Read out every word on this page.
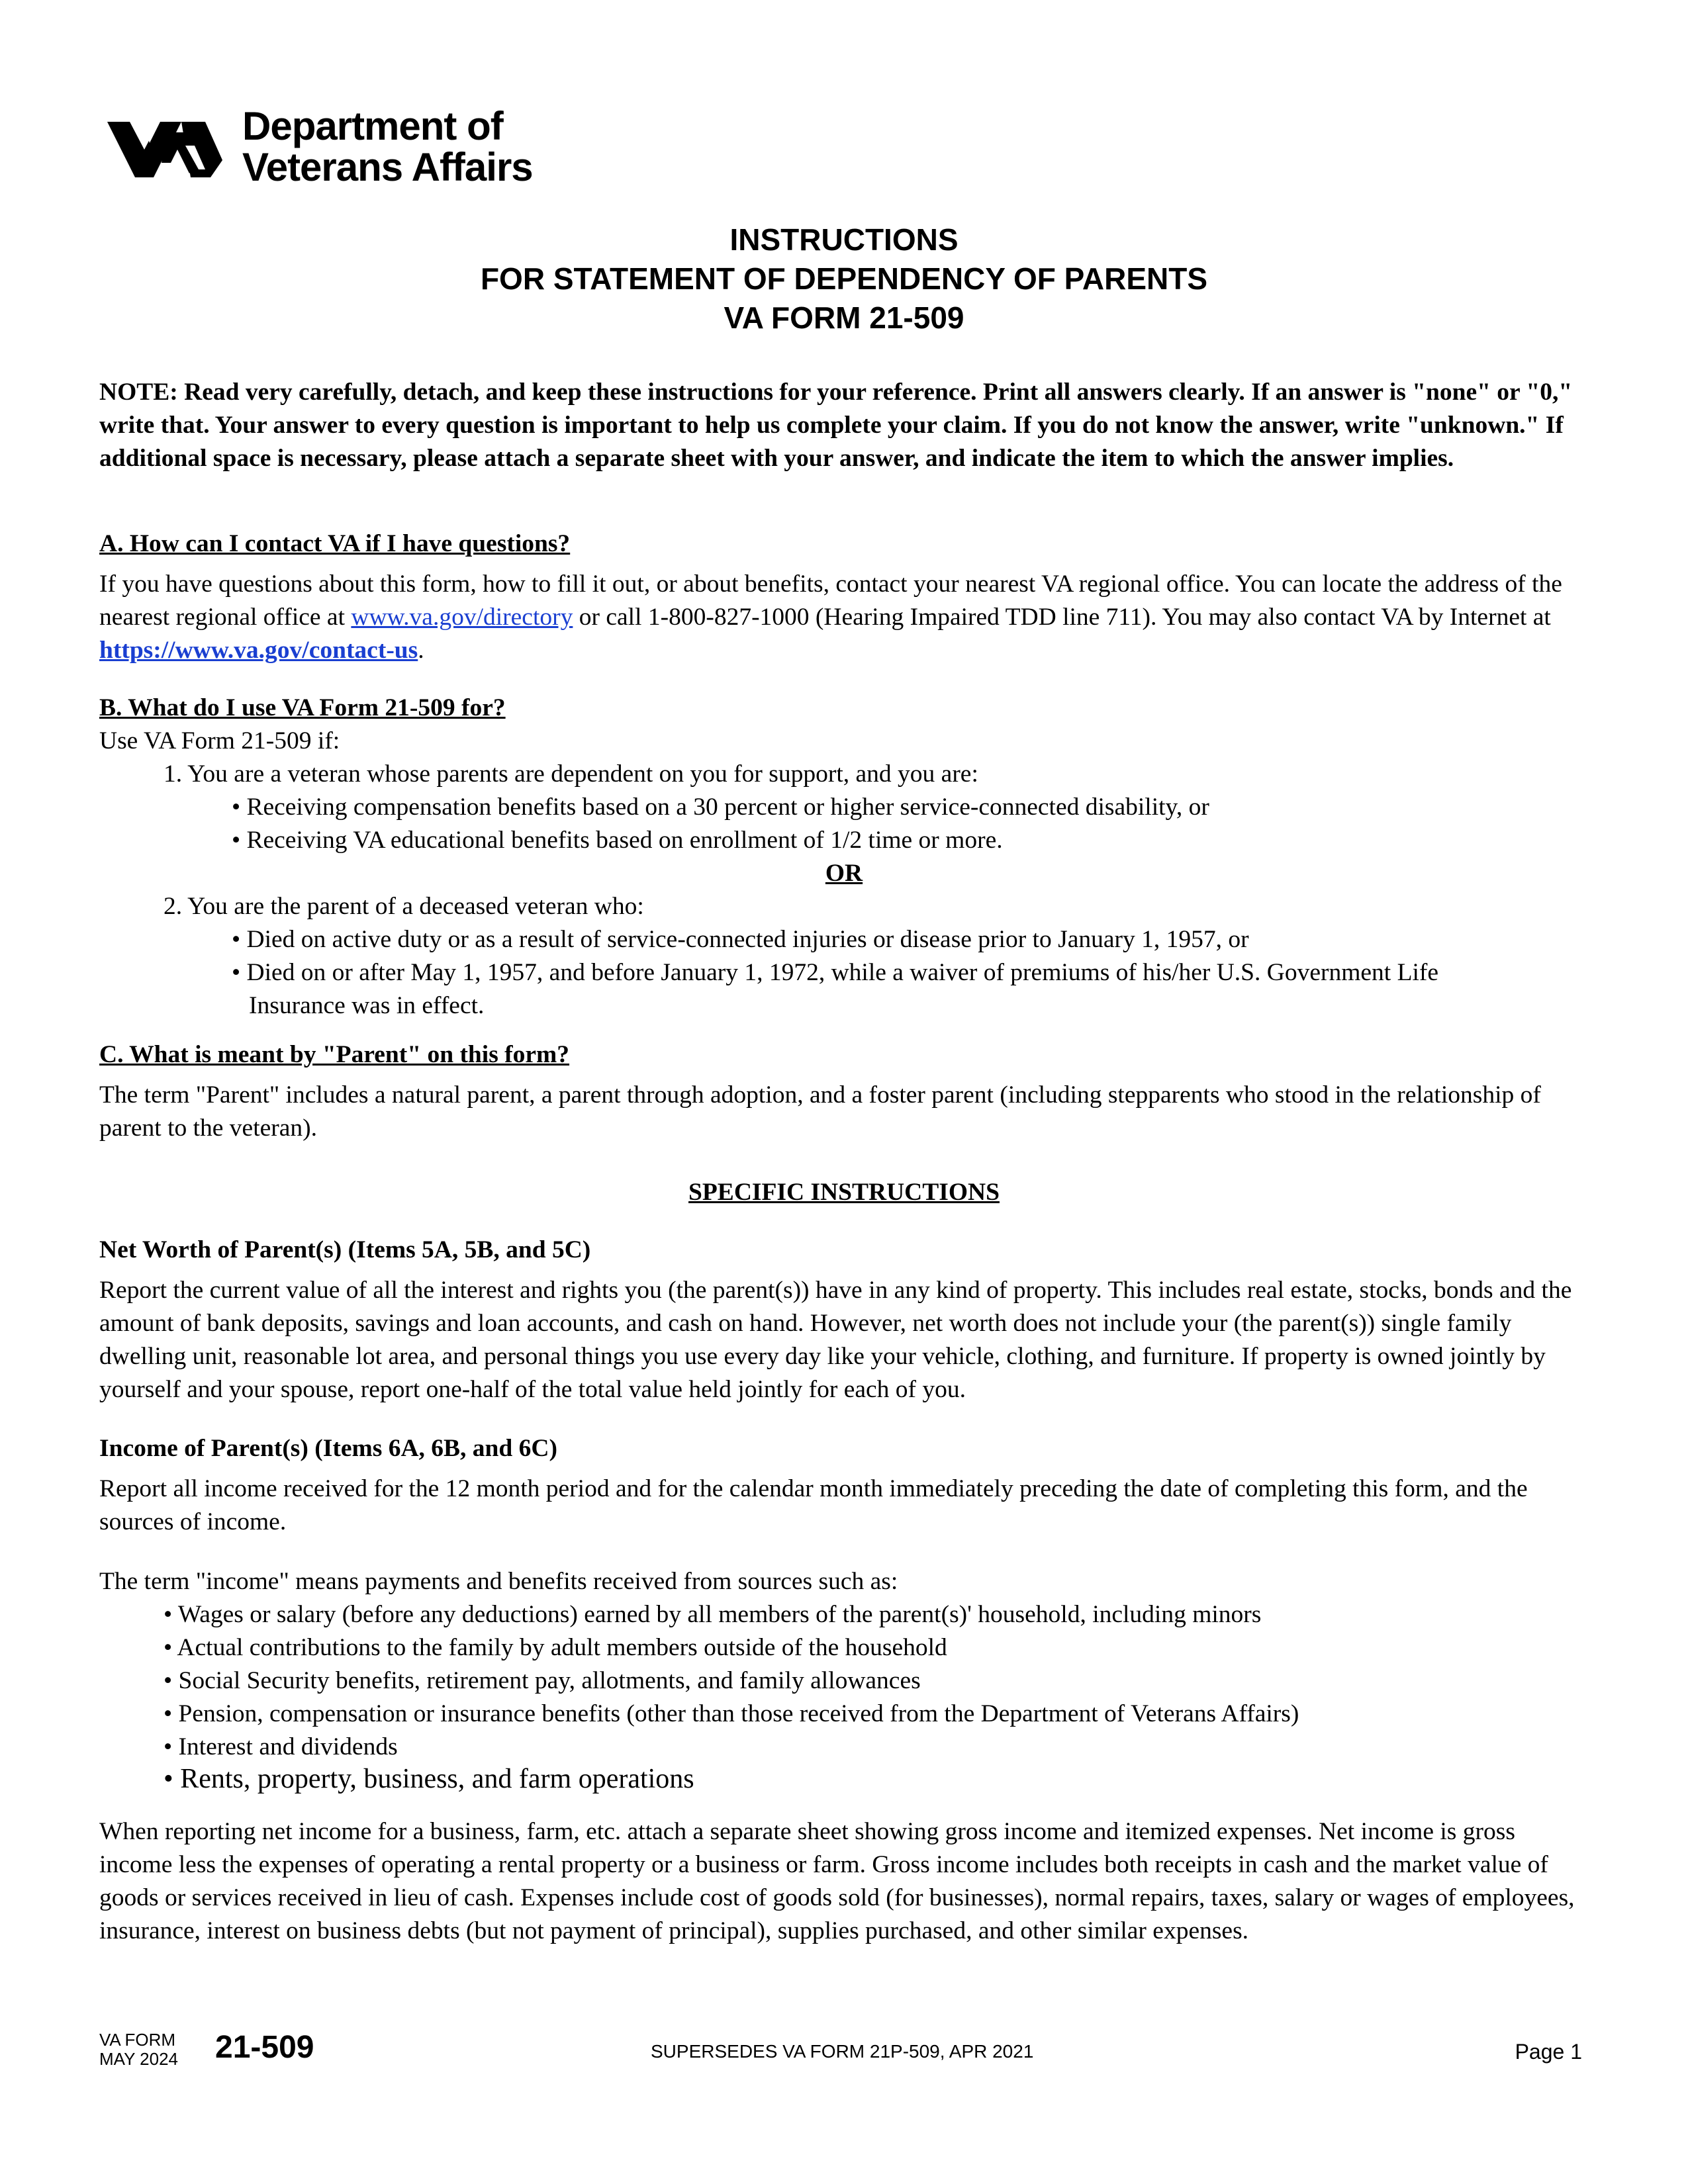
Department of
Veterans Affairs
INSTRUCTIONS
FOR STATEMENT OF DEPENDENCY OF PARENTS
VA FORM 21-509
NOTE: Read very carefully, detach, and keep these instructions for your reference. Print all answers clearly. If an answer is "none" or "0," write that. Your answer to every question is important to help us complete your claim. If you do not know the answer, write "unknown." If additional space is necessary, please attach a separate sheet with your answer, and indicate the item to which the answer implies.
A. How can I contact VA if I have questions?
If you have questions about this form, how to fill it out, or about benefits, contact your nearest VA regional office. You can locate the address of the nearest regional office at www.va.gov/directory or call 1-800-827-1000 (Hearing Impaired TDD line 711). You may also contact VA by Internet at https://www.va.gov/contact-us.
B. What do I use VA Form 21-509 for?
Use VA Form 21-509 if:
1. You are a veteran whose parents are dependent on you for support, and you are:
• Receiving compensation benefits based on a 30 percent or higher service-connected disability, or
• Receiving VA educational benefits based on enrollment of 1/2 time or more.
OR
2. You are the parent of a deceased veteran who:
• Died on active duty or as a result of service-connected injuries or disease prior to January 1, 1957, or
• Died on or after May 1, 1957, and before January 1, 1972, while a waiver of premiums of his/her U.S. Government Life
Insurance was in effect.
C. What is meant by "Parent" on this form?
The term "Parent" includes a natural parent, a parent through adoption, and a foster parent (including stepparents who stood in the relationship of parent to the veteran).
SPECIFIC INSTRUCTIONS
Net Worth of Parent(s) (Items 5A, 5B, and 5C)
Report the current value of all the interest and rights you (the parent(s)) have in any kind of property. This includes real estate, stocks, bonds and the amount of bank deposits, savings and loan accounts, and cash on hand. However, net worth does not include your (the parent(s)) single family dwelling unit, reasonable lot area, and personal things you use every day like your vehicle, clothing, and furniture. If property is owned jointly by yourself and your spouse, report one-half of the total value held jointly for each of you.
Income of Parent(s) (Items 6A, 6B, and 6C)
Report all income received for the 12 month period and for the calendar month immediately preceding the date of completing this form, and the sources of income.
The term "income" means payments and benefits received from sources such as:
• Wages or salary (before any deductions) earned by all members of the parent(s)' household, including minors
• Actual contributions to the family by adult members outside of the household
• Social Security benefits, retirement pay, allotments, and family allowances
• Pension, compensation or insurance benefits (other than those received from the Department of Veterans Affairs)
• Interest and dividends
• Rents, property, business, and farm operations
When reporting net income for a business, farm, etc. attach a separate sheet showing gross income and itemized expenses. Net income is gross income less the expenses of operating a rental property or a business or farm. Gross income includes both receipts in cash and the market value of goods or services received in lieu of cash. Expenses include cost of goods sold (for businesses), normal repairs, taxes, salary or wages of employees, insurance, interest on business debts (but not payment of principal), supplies purchased, and other similar expenses.
VA FORM
MAY 2024 21-509	SUPERSEDES VA FORM 21P-509, APR 2021	Page 1
